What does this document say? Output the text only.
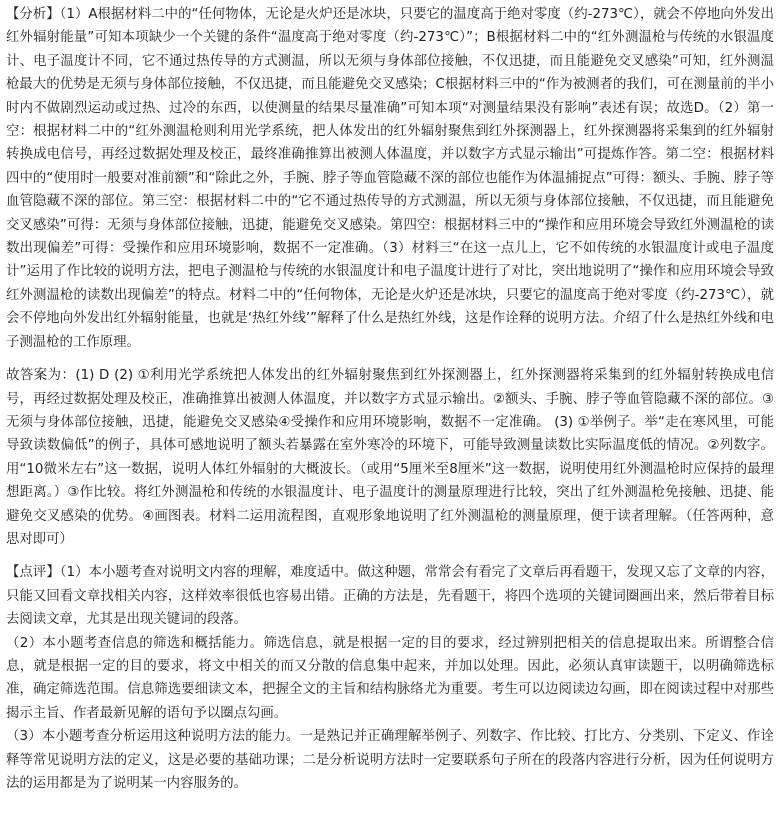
【分析】（1）A根据材料二中的“任何物体，无论是火炉还是冰块，只要它的温度高于绝对零度（约-273℃），就会不停地向外发出红外辐射能量”可知本项缺少一个关键的条件“温度高于绝对零度（约-273℃）”；B根据材料二中的“红外测温枪与传统的水银温度计、电子温度计不同，它不通过热传导的方式测温，所以无须与身体部位接触，不仅迅捷，而且能避免交叉感染”可知，红外测温枪最大的优势是无须与身体部位接触，不仅迅捷，而且能避免交叉感染；C根据材料三中的“作为被测者的我们，可在测量前的半小时内不做剧烈运动或过热、过冷的东西，以使测量的结果尽量准确”可知本项“对测量结果没有影响”表述有误；故选D。（2）第一空：根据材料二中的“红外测温枪则利用光学系统，把人体发出的红外辐射聚焦到红外探测器上，红外探测器将采集到的红外辐射转换成电信号，再经过数据处理及校正，最终准确推算出被测人体温度，并以数字方式显示输出”可提炼作答。第二空：根据材料四中的“使用时一般要对准前额”和“除此之外，手腕、脖子等血管隐藏不深的部位也能作为体温捕捉点”可得：额头、手腕、脖子等血管隐藏不深的部位。第三空：根据材料二中的“它不通过热传导的方式测温，所以无须与身体部位接触，不仅迅捷，而且能避免交叉感染”可得：无须与身体部位接触，迅捷，能避免交叉感染。第四空：根据材料三中的“操作和应用环境会导致红外测温枪的读数出现偏差”可得：受操作和应用环境影响，数据不一定准确。（3）材料三“在这一点儿上，它不如传统的水银温度计或电子温度计”运用了作比较的说明方法，把电子测温枪与传统的水银温度计和电子温度计进行了对比，突出地说明了“操作和应用环境会导致红外测温枪的读数出现偏差”的特点。材料二中的“任何物体，无论是火炉还是冰块，只要它的温度高于绝对零度（约-273℃），就会不停地向外发出红外辐射能量，也就是‘热红外线’”解释了什么是热红外线，这是作诠释的说明方法。介绍了什么是热红外线和电子测温枪的工作原理。

故答案为：(1) D (2) ①利用光学系统把人体发出的红外辐射聚焦到红外探测器上，红外探测器将采集到的红外辐射转换成电信号，再经过数据处理及校正，准确推算出被测人体温度，并以数字方式显示输出。②额头、手腕、脖子等血管隐藏不深的部位。③无须与身体部位接触，迅捷，能避免交叉感染④受操作和应用环境影响，数据不一定准确。 (3) ①举例子。举“走在寒风里，可能导致读数偏低”的例子，具体可感地说明了额头若暴露在室外寒冷的环境下，可能导致测量读数比实际温度低的情况。②列数字。用“10微米左右”这一数据，说明人体红外辐射的大概波长。（或用“5厘米至8厘米”这一数据，说明使用红外测温枪时应保持的最理想距离。）③作比较。将红外测温枪和传统的水银温度计、电子温度计的测量原理进行比较，突出了红外测温枪免接触、迅捷、能避免交叉感染的优势。④画图表。材料二运用流程图，直观形象地说明了红外测温枪的测量原理，便于读者理解。（任答两种，意思对即可）

【点评】（1）本小题考查对说明文内容的理解，难度适中。做这种题，常常会有看完了文章后再看题干，发现又忘了文章的内容，只能又回看文章找相关内容，这样效率很低也容易出错。正确的方法是，先看题干，将四个选项的关键词圈画出来，然后带着目标去阅读文章，尤其是出现关键词的段落。

（2）本小题考查信息的筛选和概括能力。筛选信息，就是根据一定的目的要求，经过辨别把相关的信息提取出来。所谓整合信息，就是根据一定的目的要求，将文中相关的而又分散的信息集中起来，并加以处理。因此，必须认真审读题干，以明确筛选标准，确定筛选范围。信息筛选要细读文本，把握全文的主旨和结构脉络尤为重要。考生可以边阅读边勾画，即在阅读过程中对那些揭示主旨、作者最新见解的语句予以圈点勾画。

（3）本小题考查分析运用这种说明方法的能力。一是熟记并正确理解举例子、列数字、作比较、打比方、分类别、下定义、作诠释等常见说明方法的定义，这是必要的基础功课；二是分析说明方法时一定要联系句子所在的段落内容进行分析，因为任何说明方法的运用都是为了说明某一内容服务的。
